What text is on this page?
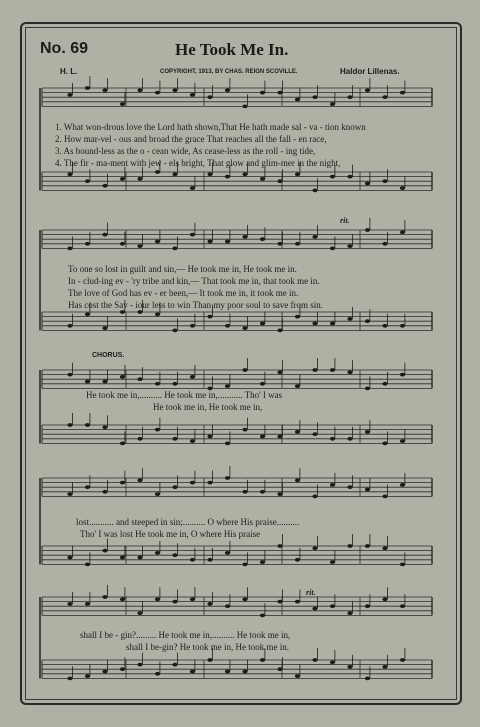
No. 69	He Took Me In.
H. L.	COPYRIGHT, 1913, BY CHAS. REIGN SCOVILLE.	Haldor Lillenas.
1. What won-drous love the Lord hath shown,That He hath made sal - va - tion known
2. How mar-vel - ous and broad the grace That reaches all the fall - en race,
3. As bound-less as the o - cean wide, As cease-less as the roll - ing tide,
4. The fir - ma-ment with jew - els bright, That glow and glim-mer in the night,
rit.
To one so lost in guilt and sin,— He took me in, He took me in.
In - clud-ing ev - 'ry tribe and kin,— That took me in, that took me in.
The love of God has ev - er been,— It took me in, it took me in.
Has cost the Sav - iour less to win Than my poor soul to save from sin.
CHORUS.
He took me in,.......... He took me in,........... Tho' I was
He took me in, He took me in,
lost........... and steeped in sin;.......... O where His praise..........
Tho' I was lost He took me in, O where His praise
rit.
shall I be - gin?......... He took me in,.......... He took me in,
shall I be-gin? He took me in, He took me in.
